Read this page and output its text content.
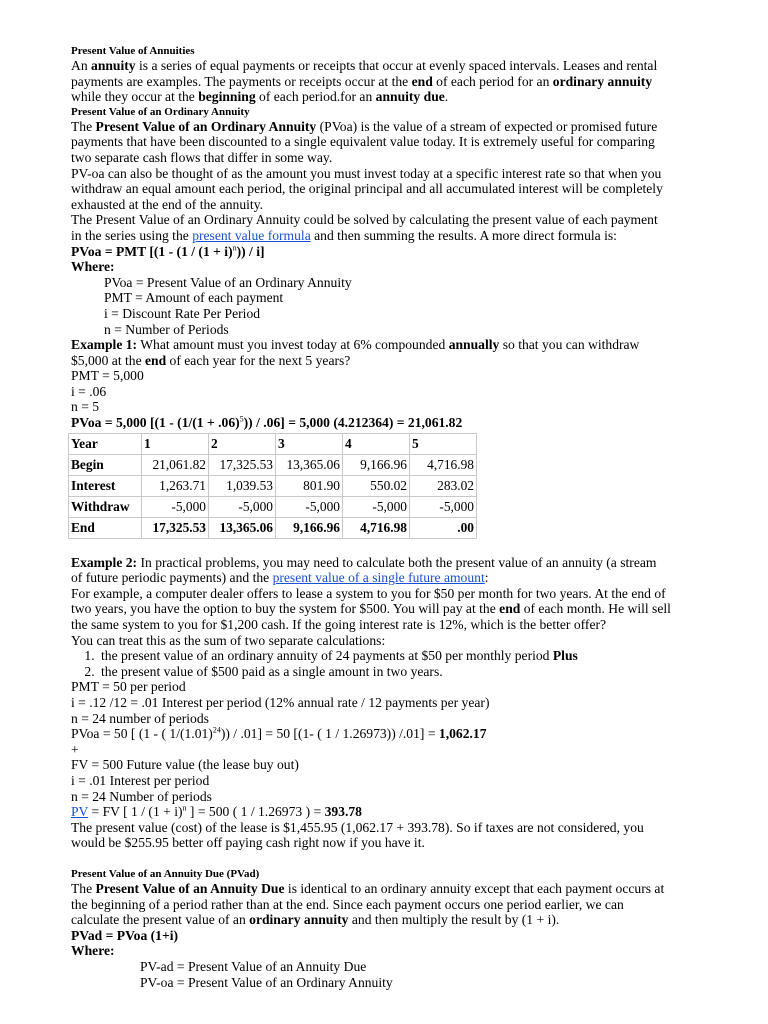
Present Value of Annuities

An annuity is a series of equal payments or receipts that occur at evenly spaced intervals. Leases and rental payments are examples. The payments or receipts occur at the end of each period for an ordinary annuity while they occur at the beginning of each period.for an annuity due.

Present Value of an Ordinary Annuity

The Present Value of an Ordinary Annuity (PVoa) is the value of a stream of expected or promised future payments that have been discounted to a single equivalent value today. It is extremely useful for comparing two separate cash flows that differ in some way.

PV-oa can also be thought of as the amount you must invest today at a specific interest rate so that when you withdraw an equal amount each period, the original principal and all accumulated interest will be completely exhausted at the end of the annuity.

The Present Value of an Ordinary Annuity could be solved by calculating the present value of each payment in the series using the present value formula and then summing the results. A more direct formula is:

PVoa = PMT $[(1 - (1 / (1 + i)^n)) / i]$

Where:

PVoa = Present Value of an Ordinary Annuity

PMT = Amount of each payment

i = Discount Rate Per Period

n = Number of Periods

Example 1: What amount must you invest today at 6% compounded annually so that you can withdraw $5,000 at the end of each year for the next 5 years?

PMT = 5,000

i = .06

n = 5

PVoa = 5,000 $[(1 - (1/(1 + .06)^5)) / .06] = 5,000$ (4.212364) = 21,061.82

Year	1	2	3	4	5
Begin	21,061.82	17,325.53	13,365.06	9,166.96	4,716.98
Interest	1,263.71	1,039.53	801.90	550.02	283.02
Withdraw	-5,000	-5,000	-5,000	-5,000	-5,000
End	17,325.53	13,365.06	9,166.96	4,716.98	.00

Example 2: In practical problems, you may need to calculate both the present value of an annuity (a stream of future periodic payments) and the present value of a single future amount:

For example, a computer dealer offers to lease a system to you for $50 per month for two years. At the end of two years, you have the option to buy the system for $500. You will pay at the end of each month. He will sell the same system to you for $1,200 cash. If the going interest rate is 12%, which is the better offer?

You can treat this as the sum of two separate calculations:

1. the present value of an ordinary annuity of 24 payments at $50 per monthly period Plus
2. the present value of $500 paid as a single amount in two years.

PMT = 50 per period

i = .12 /12 = .01 Interest per period (12% annual rate / 12 payments per year)

n = 24 number of periods

PVoa = 50 [ (1 - ( $1/(1.01)^{24})) / .01] = 50$ [(1- ( 1 / 1.26973)) /.01] = 1,062.17

+

FV = 500 Future value (the lease buy out)

i = .01 Interest per period

n = 24 Number of periods

PV = FV [ $1 / (1 + i)^n$ ] = 500 ( 1 / 1.26973 ) = 393.78

The present value (cost) of the lease is $1,455.95 (1,062.17 + 393.78). So if taxes are not considered, you would be $255.95 better off paying cash right now if you have it.

Present Value of an Annuity Due (PVad)

The Present Value of an Annuity Due is identical to an ordinary annuity except that each payment occurs at the beginning of a period rather than at the end. Since each payment occurs one period earlier, we can calculate the present value of an ordinary annuity and then multiply the result by (1 + i).

PVad = PVoa (1+i)

Where:

PV-ad = Present Value of an Annuity Due

PV-oa = Present Value of an Ordinary Annuity
